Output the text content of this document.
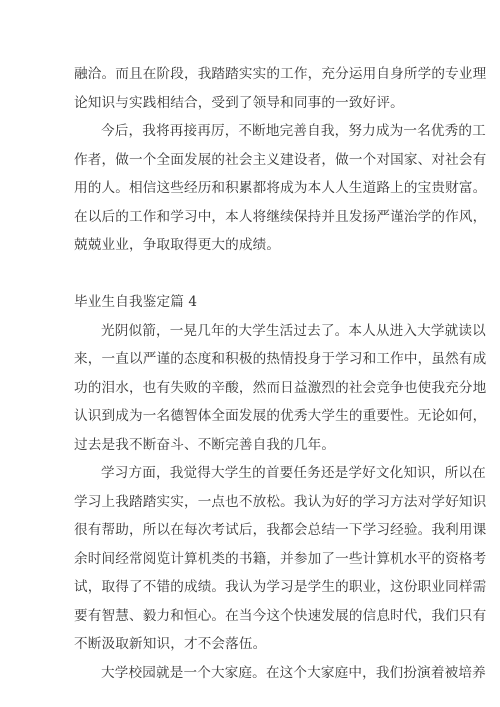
融洽。而且在阶段，我踏踏实实的工作，充分运用自身所学的专业理
论知识与实践相结合，受到了领导和同事的一致好评。
今后，我将再接再厉，不断地完善自我，努力成为一名优秀的工
作者，做一个全面发展的社会主义建设者，做一个对国家、对社会有
用的人。相信这些经历和积累都将成为本人人生道路上的宝贵财富。
在以后的工作和学习中，本人将继续保持并且发扬严谨治学的作风，
兢兢业业，争取取得更大的成绩。
毕业生自我鉴定篇 4
光阴似箭，一晃几年的大学生活过去了。本人从进入大学就读以
来，一直以严谨的态度和积极的热情投身于学习和工作中，虽然有成
功的泪水，也有失败的辛酸，然而日益激烈的社会竞争也使我充分地
认识到成为一名德智体全面发展的优秀大学生的重要性。无论如何，
过去是我不断奋斗、不断完善自我的几年。
学习方面，我觉得大学生的首要任务还是学好文化知识，所以在
学习上我踏踏实实，一点也不放松。我认为好的学习方法对学好知识
很有帮助，所以在每次考试后，我都会总结一下学习经验。我利用课
余时间经常阅览计算机类的书籍，并参加了一些计算机水平的资格考
试，取得了不错的成绩。我认为学习是学生的职业，这份职业同样需
要有智慧、毅力和恒心。在当今这个快速发展的信息时代，我们只有
不断汲取新知识，才不会落伍。
大学校园就是一个大家庭。在这个大家庭中，我们扮演着被培养
